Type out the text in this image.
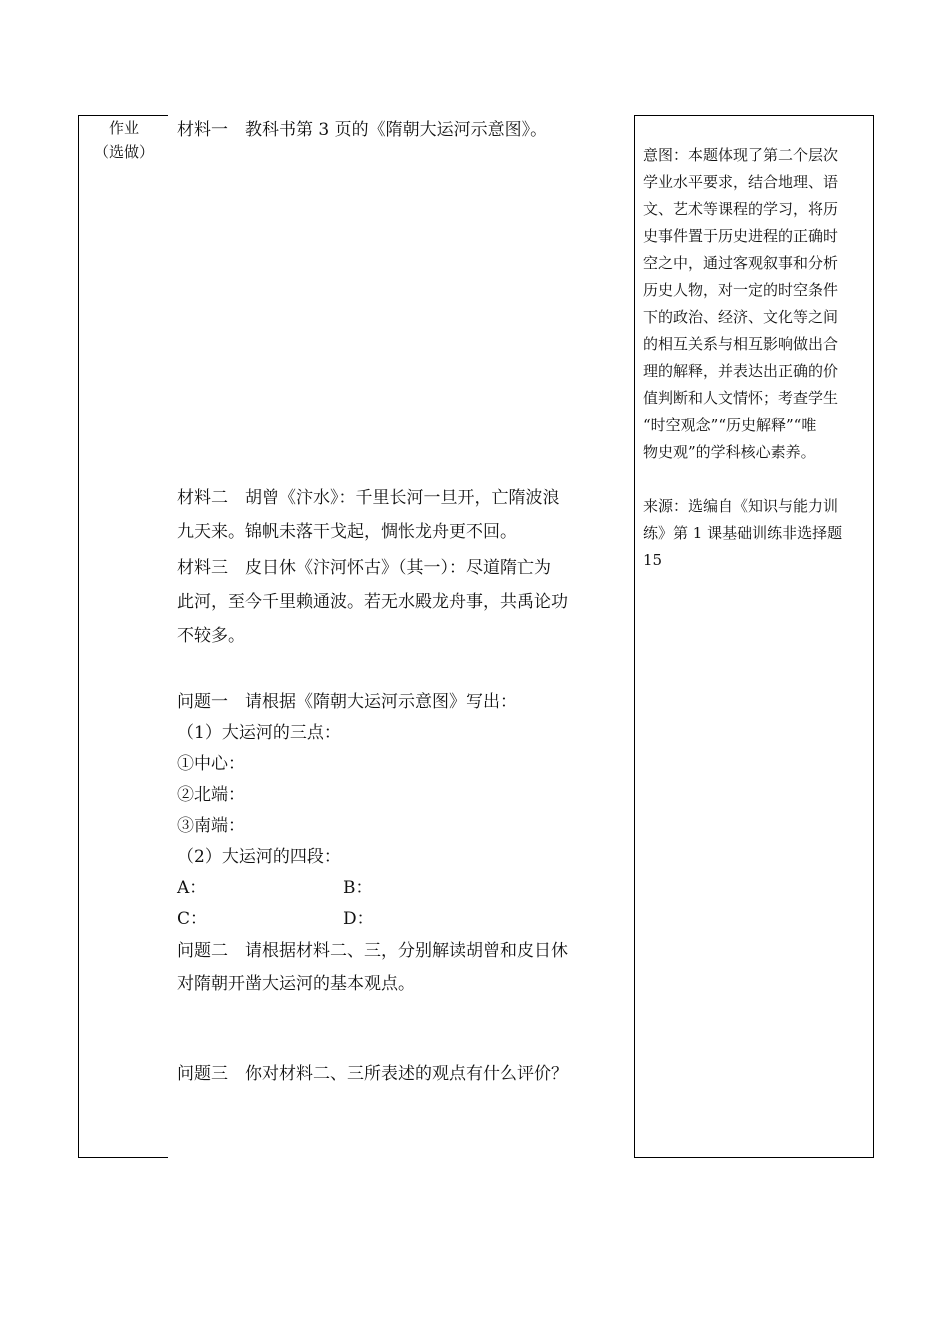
作业
（选做）

材料一　教科书第 3 页的《隋朝大运河示意图》。

材料二　胡曾《汴水》：千里长河一旦开，亡隋波浪

九天来。锦帆未落干戈起，惆怅龙舟更不回。

材料三　皮日休《汴河怀古》（其一）：尽道隋亡为

此河，至今千里赖通波。若无水殿龙舟事，共禹论功

不较多。

问题一　请根据《隋朝大运河示意图》写出：

（1）大运河的三点：

①中心：

②北端：

③南端：

（2）大运河的四段：

A：	B：

C：	D：

问题二　请根据材料二、三，分别解读胡曾和皮日休

对隋朝开凿大运河的基本观点。

问题三　你对材料二、三所表述的观点有什么评价？

意图：本题体现了第二个层次

学业水平要求，结合地理、语

文、艺术等课程的学习，将历

史事件置于历史进程的正确时

空之中，通过客观叙事和分析

历史人物，对一定的时空条件

下的政治、经济、文化等之间

的相互关系与相互影响做出合

理的解释，并表达出正确的价

值判断和人文情怀；考查学生

“时空观念”“历史解释”“唯

物史观”的学科核心素养。

来源：选编自《知识与能力训

练》第 1 课基础训练非选择题

15
